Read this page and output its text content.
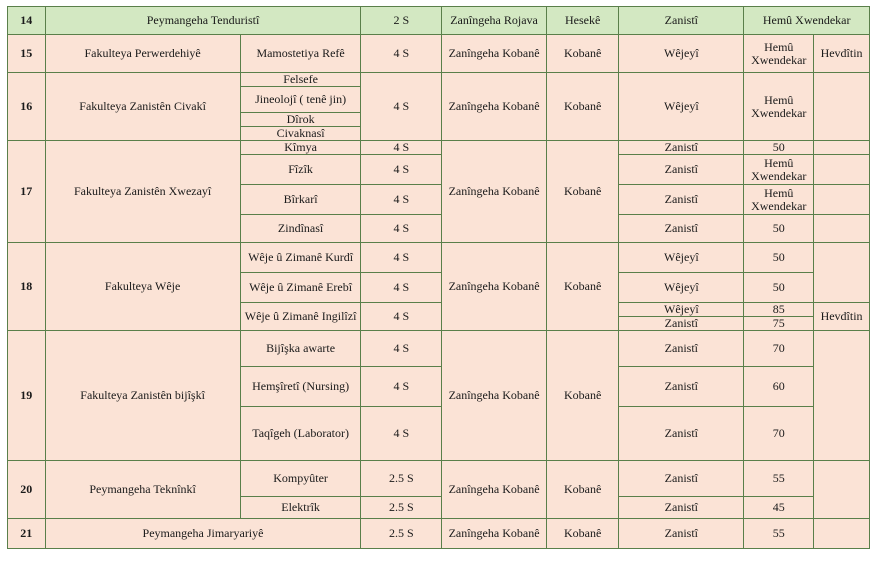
14	Peymangeha Tenduristî		2 S	Zanîngeha Rojava	Hesekê	Zanistî	Hemû Xwendekar	
15	Fakulteya Perwerdehiyê	Mamostetiya Refê	4 S	Zanîngeha Kobanê	Kobanê	Wêjeyî	Hemû Xwendekar	Hevdîtin
16	Fakulteya Zanistên Civakî	Felsefe	4 S	Zanîngeha Kobanê	Kobanê	Wêjeyî	Hemû Xwendekar	
		Jineolojî ( tenê jin)						
		Dîrok						
		Civaknasî						
17	Fakulteya Zanistên Xwezayî	Kîmya	4 S	Zanîngeha Kobanê	Kobanê	Zanistî	50	
		Fîzîk	4 S			Zanistî	Hemû Xwendekar	
		Bîrkarî	4 S			Zanistî	Hemû Xwendekar	
		Zindînasî	4 S			Zanistî	50	
18	Fakulteya Wêje	Wêje û Zimanê Kurdî	4 S	Zanîngeha Kobanê	Kobanê	Wêjeyî	50	
		Wêje û Zimanê Erebî	4 S			Wêjeyî	50	
		Wêje û Zimanê Ingilîzî	4 S			Wêjeyî	85	Hevdîtin
						Zanistî	75	
19	Fakulteya Zanistên bijîşkî	Bijîşka awarte	4 S	Zanîngeha Kobanê	Kobanê	Zanistî	70	
		Hemşîretî (Nursing)	4 S			Zanistî	60	
		Taqîgeh (Laborator)	4 S			Zanistî	70	
20	Peymangeha Teknînkî	Kompyûter	2.5 S	Zanîngeha Kobanê	Kobanê	Zanistî	55	
		Elektrîk	2.5 S			Zanistî	45	
21	Peymangeha Jimaryariyê		2.5 S	Zanîngeha Kobanê	Kobanê	Zanistî	55	
